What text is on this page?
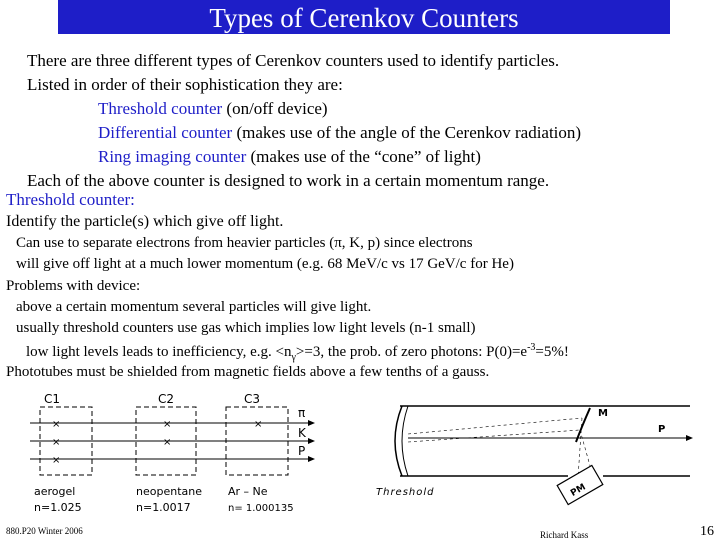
Types of Cerenkov Counters
There are three different types of Cerenkov counters used to identify particles.
Listed in order of their sophistication they are:
Threshold counter (on/off device)
Differential counter (makes use of the angle of the Cerenkov radiation)
Ring imaging counter (makes use of the “cone” of light)
Each of the above counter is designed to work in a certain momentum range.
Threshold counter:
Identify the particle(s) which give off light.
Can use to separate electrons from heavier particles (π, K, p) since electrons
will give off light at a much lower momentum (e.g. 68 MeV/c vs 17 GeV/c for He)
Problems with device:
above a certain momentum several particles will give light.
usually threshold counters use gas which implies low light levels (n-1 small)
low light levels leads to inefficiency, e.g. $<n_\gamma>=3$, the prob. of zero photons: $P(0)=e^{-3}=5\%$!
Phototubes must be shielded from magnetic fields above a few tenths of a gauss.
C1	C2	C3
×	×	×
×	×
×
π
K
P
aerogel
n=1.025
neopentane
n=1.0017
Ar – Ne
n= 1.000135
M
P
PM
Threshold
880.P20 Winter 2006	Richard Kass	16
